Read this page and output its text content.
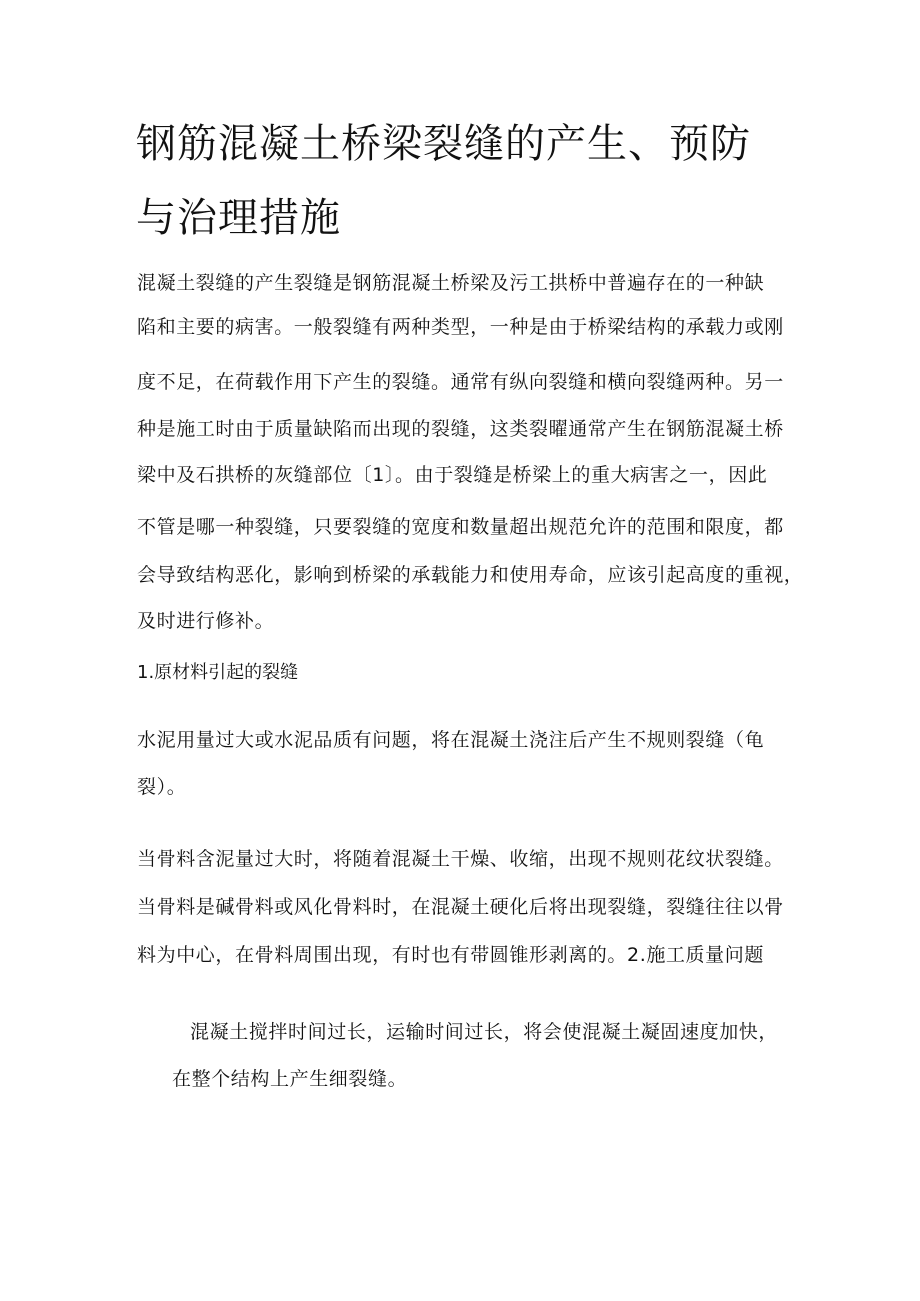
钢筋混凝土桥梁裂缝的产生、预防
与治理措施
混凝土裂缝的产生裂缝是钢筋混凝土桥梁及污工拱桥中普遍存在的一种缺
陷和主要的病害。一般裂缝有两种类型，一种是由于桥梁结构的承载力或刚
度不足，在荷载作用下产生的裂缝。通常有纵向裂缝和横向裂缝两种。另一
种是施工时由于质量缺陷而出现的裂缝，这类裂曜通常产生在钢筋混凝土桥
梁中及石拱桥的灰缝部位〔1〕。由于裂缝是桥梁上的重大病害之一，因此
不管是哪一种裂缝，只要裂缝的宽度和数量超出规范允许的范围和限度，都
会导致结构恶化，影响到桥梁的承载能力和使用寿命，应该引起高度的重视，
及时进行修补。
1.原材料引起的裂缝
水泥用量过大或水泥品质有问题，将在混凝土浇注后产生不规则裂缝（龟
裂）。
当骨料含泥量过大时，将随着混凝土干燥、收缩，出现不规则花纹状裂缝。
当骨料是碱骨料或风化骨料时，在混凝土硬化后将出现裂缝，裂缝往往以骨
料为中心，在骨料周围出现，有时也有带圆锥形剥离的。2.施工质量问题
混凝土搅拌时间过长，运输时间过长，将会使混凝土凝固速度加快，
在整个结构上产生细裂缝。
